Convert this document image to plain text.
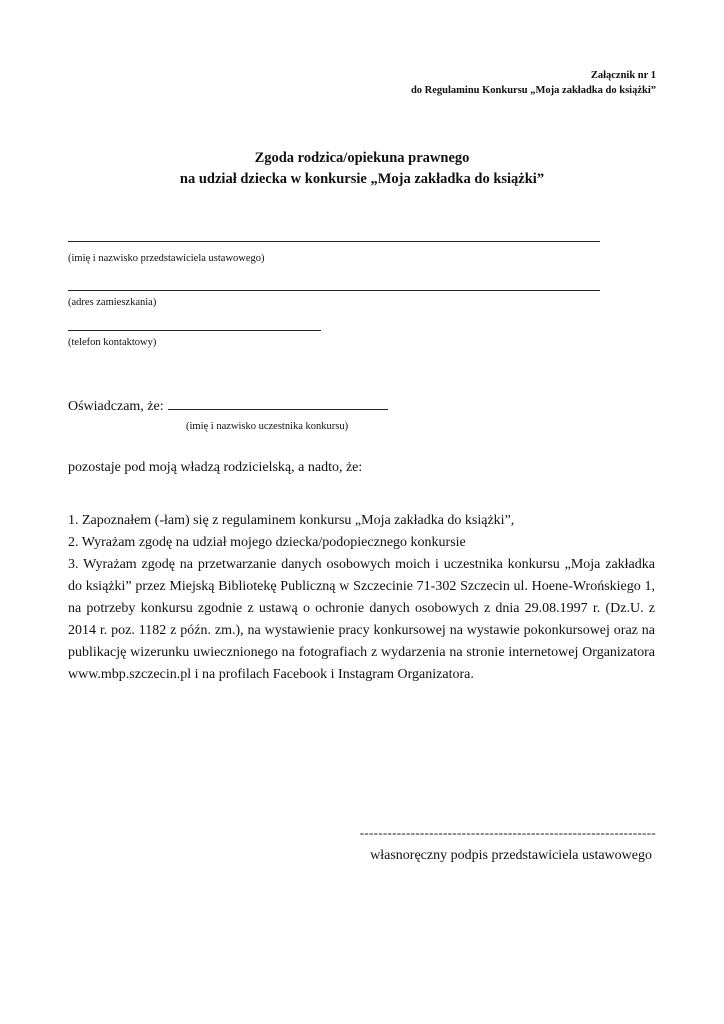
Załącznik nr 1
do Regulaminu Konkursu „Moja zakładka do książki”
Zgoda rodzica/opiekuna prawnego
na udział dziecka w konkursie „Moja zakładka do książki”
(imię i nazwisko przedstawiciela ustawowego)
(adres zamieszkania)
(telefon kontaktowy)
Oświadczam, że:
(imię i nazwisko uczestnika konkursu)
pozostaje pod moją władzą rodzicielską, a nadto, że:

1. Zapoznałem (-łam) się z regulaminem konkursu „Moja zakładka do książki”,

2. Wyrażam zgodę na udział mojego dziecka/podopiecznego konkursie

3. Wyrażam zgodę na przetwarzanie danych osobowych moich i uczestnika konkursu „Moja zakładka do książki” przez Miejską Bibliotekę Publiczną w Szczecinie 71-302 Szczecin ul. Hoene-Wrońskiego 1, na potrzeby konkursu zgodnie z ustawą o ochronie danych osobowych z dnia 29.08.1997 r. (Dz.U. z 2014 r. poz. 1182 z późn. zm.), na wystawienie pracy konkursowej na wystawie pokonkursowej oraz na publikację wizerunku uwiecznionego na fotografiach z wydarzenia na stronie internetowej Organizatora www.mbp.szczecin.pl i na profilach Facebook i Instagram Organizatora.

----------------------------------------------------------------
własnoręczny podpis przedstawiciela ustawowego
